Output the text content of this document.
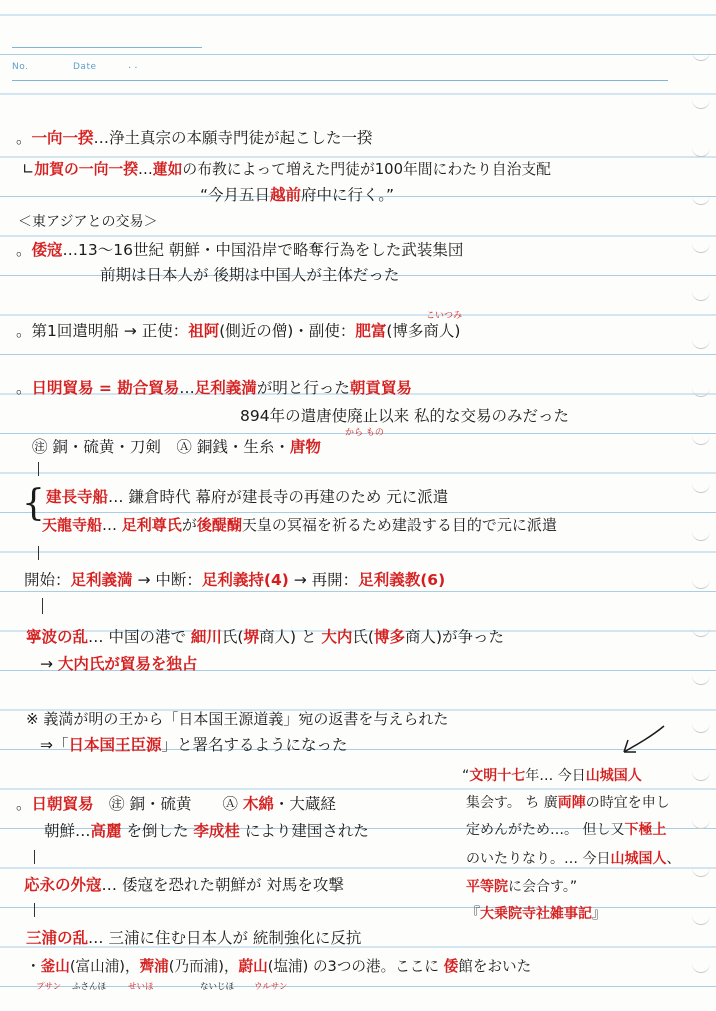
No.	Date	. .
。一向一揆…浄土真宗の本願寺門徒が起こした一揆
∟加賀の一向一揆…蓮如の布教によって増えた門徒が100年間にわたり自治支配
“今月五日越前府中に行く。”
＜東アジアとの交易＞
。倭寇…13～16世紀 朝鮮・中国沿岸で略奪行為をした武装集団
前期は日本人が 後期は中国人が主体だった
こいつみ
。第1回遣明船 → 正使：祖阿(側近の僧)・副使：肥富(博多商人)
。日明貿易 = 勘合貿易…足利義満が明と行った朝貢貿易
894年の遣唐使廃止以来 私的な交易のみだった
から もの
㊟ 銅・硫黄・刀剣　Ⓐ 銅銭・生糸・唐物
{ 建長寺船… 鎌倉時代 幕府が建長寺の再建のため 元に派遣
天龍寺船… 足利尊氏が後醍醐天皇の冥福を祈るため建設する目的で元に派遣
開始：足利義満 → 中断：足利義持(4) → 再開：足利義教(6)
寧波の乱… 中国の港で 細川氏(堺商人) と 大内氏(博多商人)が争った
→ 大内氏が貿易を独占
※ 義満が明の王から「日本国王源道義」宛の返書を与えられた
⇒「日本国王臣源」と署名するようになった
。日朝貿易　㊟ 銅・硫黄　　Ⓐ 木綿・大蔵経
朝鮮…高麗 を倒した 李成桂 により建国された
応永の外寇… 倭寇を恐れた朝鮮が 対馬を攻撃
三浦の乱… 三浦に住む日本人が 統制強化に反抗
・釜山(富山浦)，薺浦(乃而浦)，蔚山(塩浦) の3つの港。ここに 倭館をおいた
プサン ふさんほ	せいほ	ないじほ ウルサン
“文明十七年… 今日山城国人
集会す。 ち 廣両陣の時宜を申し
定めんがため…。 但し又下極上
のいたりなり。… 今日山城国人、
平等院に会合す。”
『大乗院寺社雑事記』
